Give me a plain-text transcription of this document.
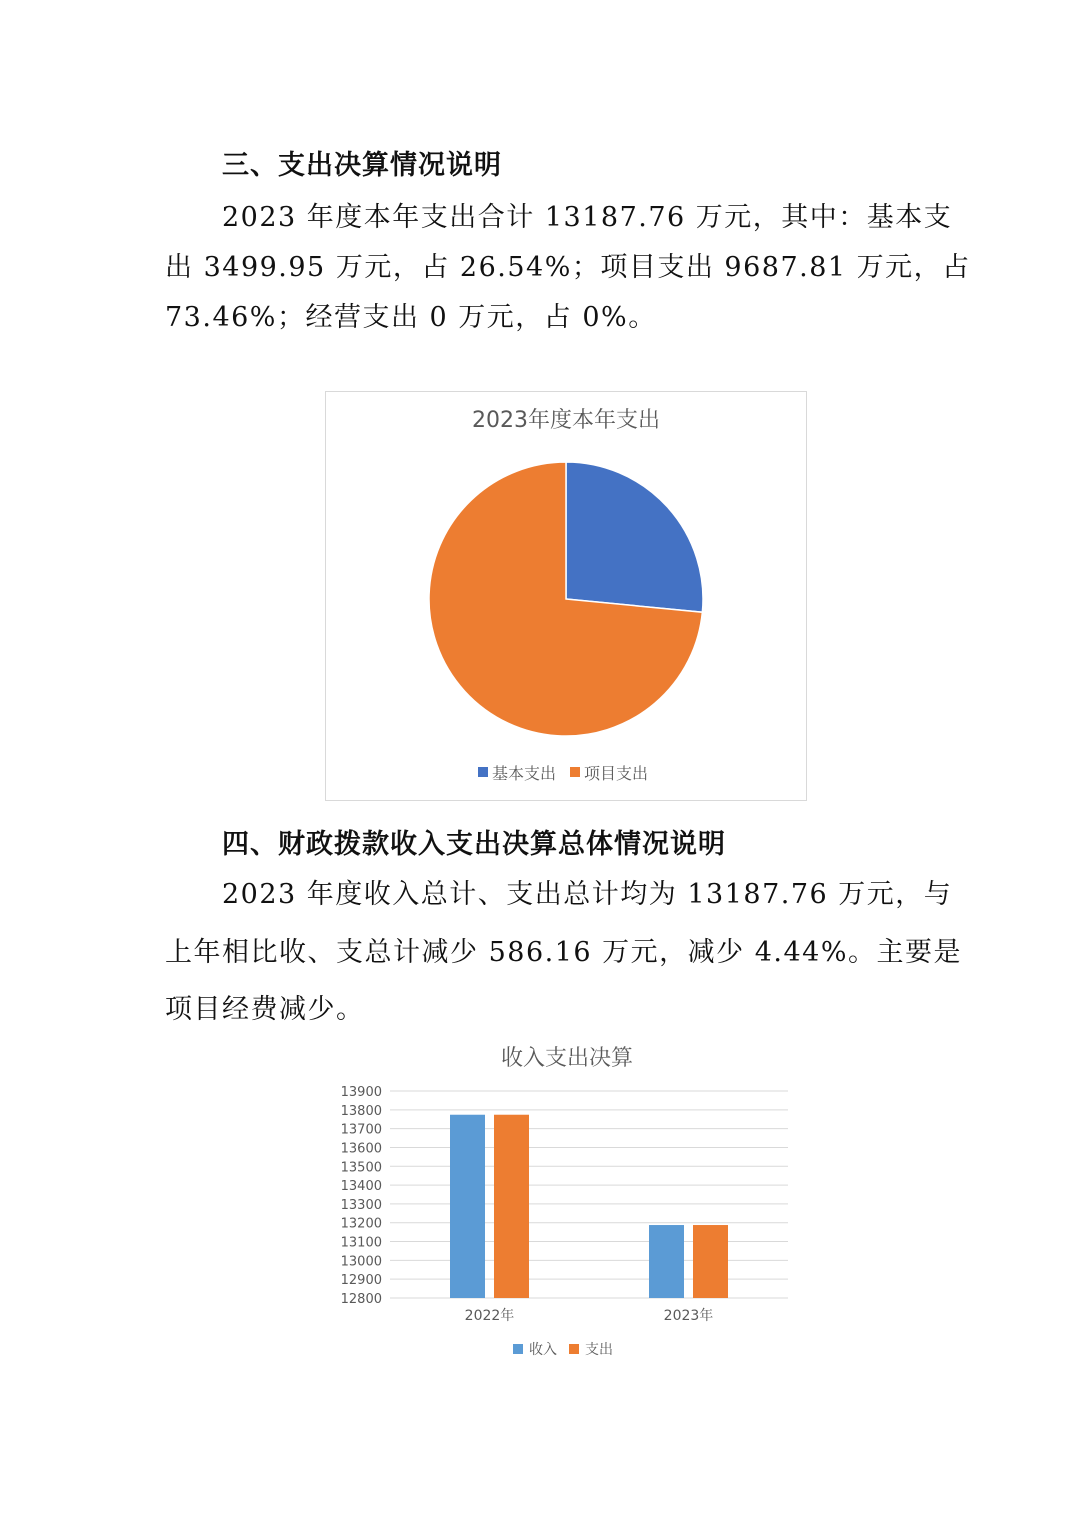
三、支出决算情况说明
2023 年度本年支出合计 13187.76 万元，其中：基本支
出 3499.95 万元，占 26.54%；项目支出 9687.81 万元，占
73.46%；经营支出 0 万元，占 0%。
2023年度本年支出
基本支出 项目支出
四、财政拨款收入支出决算总体情况说明
2023 年度收入总计、支出总计均为 13187.76 万元，与
上年相比收、支总计减少 586.16 万元，减少 4.44%。主要是
项目经费减少。
收入支出决算
13900
13800
13700
13600
13500
13400
13300
13200
13100
13000
12900
12800
2022年	2023年
收入 支出
